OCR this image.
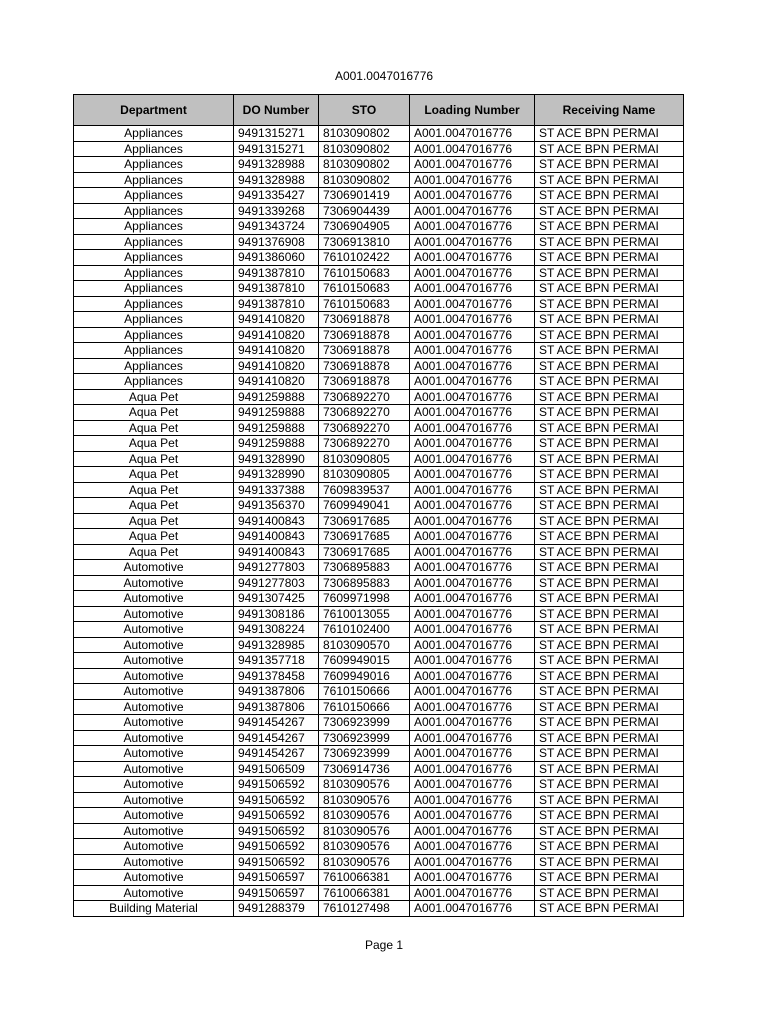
A001.0047016776
Department	DO Number	STO	Loading Number	Receiving Name
Appliances	9491315271	8103090802	A001.0047016776	ST ACE BPN PERMAI
Appliances	9491315271	8103090802	A001.0047016776	ST ACE BPN PERMAI
Appliances	9491328988	8103090802	A001.0047016776	ST ACE BPN PERMAI
Appliances	9491328988	8103090802	A001.0047016776	ST ACE BPN PERMAI
Appliances	9491335427	7306901419	A001.0047016776	ST ACE BPN PERMAI
Appliances	9491339268	7306904439	A001.0047016776	ST ACE BPN PERMAI
Appliances	9491343724	7306904905	A001.0047016776	ST ACE BPN PERMAI
Appliances	9491376908	7306913810	A001.0047016776	ST ACE BPN PERMAI
Appliances	9491386060	7610102422	A001.0047016776	ST ACE BPN PERMAI
Appliances	9491387810	7610150683	A001.0047016776	ST ACE BPN PERMAI
Appliances	9491387810	7610150683	A001.0047016776	ST ACE BPN PERMAI
Appliances	9491387810	7610150683	A001.0047016776	ST ACE BPN PERMAI
Appliances	9491410820	7306918878	A001.0047016776	ST ACE BPN PERMAI
Appliances	9491410820	7306918878	A001.0047016776	ST ACE BPN PERMAI
Appliances	9491410820	7306918878	A001.0047016776	ST ACE BPN PERMAI
Appliances	9491410820	7306918878	A001.0047016776	ST ACE BPN PERMAI
Appliances	9491410820	7306918878	A001.0047016776	ST ACE BPN PERMAI
Aqua Pet	9491259888	7306892270	A001.0047016776	ST ACE BPN PERMAI
Aqua Pet	9491259888	7306892270	A001.0047016776	ST ACE BPN PERMAI
Aqua Pet	9491259888	7306892270	A001.0047016776	ST ACE BPN PERMAI
Aqua Pet	9491259888	7306892270	A001.0047016776	ST ACE BPN PERMAI
Aqua Pet	9491328990	8103090805	A001.0047016776	ST ACE BPN PERMAI
Aqua Pet	9491328990	8103090805	A001.0047016776	ST ACE BPN PERMAI
Aqua Pet	9491337388	7609839537	A001.0047016776	ST ACE BPN PERMAI
Aqua Pet	9491356370	7609949041	A001.0047016776	ST ACE BPN PERMAI
Aqua Pet	9491400843	7306917685	A001.0047016776	ST ACE BPN PERMAI
Aqua Pet	9491400843	7306917685	A001.0047016776	ST ACE BPN PERMAI
Aqua Pet	9491400843	7306917685	A001.0047016776	ST ACE BPN PERMAI
Automotive	9491277803	7306895883	A001.0047016776	ST ACE BPN PERMAI
Automotive	9491277803	7306895883	A001.0047016776	ST ACE BPN PERMAI
Automotive	9491307425	7609971998	A001.0047016776	ST ACE BPN PERMAI
Automotive	9491308186	7610013055	A001.0047016776	ST ACE BPN PERMAI
Automotive	9491308224	7610102400	A001.0047016776	ST ACE BPN PERMAI
Automotive	9491328985	8103090570	A001.0047016776	ST ACE BPN PERMAI
Automotive	9491357718	7609949015	A001.0047016776	ST ACE BPN PERMAI
Automotive	9491378458	7609949016	A001.0047016776	ST ACE BPN PERMAI
Automotive	9491387806	7610150666	A001.0047016776	ST ACE BPN PERMAI
Automotive	9491387806	7610150666	A001.0047016776	ST ACE BPN PERMAI
Automotive	9491454267	7306923999	A001.0047016776	ST ACE BPN PERMAI
Automotive	9491454267	7306923999	A001.0047016776	ST ACE BPN PERMAI
Automotive	9491454267	7306923999	A001.0047016776	ST ACE BPN PERMAI
Automotive	9491506509	7306914736	A001.0047016776	ST ACE BPN PERMAI
Automotive	9491506592	8103090576	A001.0047016776	ST ACE BPN PERMAI
Automotive	9491506592	8103090576	A001.0047016776	ST ACE BPN PERMAI
Automotive	9491506592	8103090576	A001.0047016776	ST ACE BPN PERMAI
Automotive	9491506592	8103090576	A001.0047016776	ST ACE BPN PERMAI
Automotive	9491506592	8103090576	A001.0047016776	ST ACE BPN PERMAI
Automotive	9491506592	8103090576	A001.0047016776	ST ACE BPN PERMAI
Automotive	9491506597	7610066381	A001.0047016776	ST ACE BPN PERMAI
Automotive	9491506597	7610066381	A001.0047016776	ST ACE BPN PERMAI
Building Material	9491288379	7610127498	A001.0047016776	ST ACE BPN PERMAI
Page 1
